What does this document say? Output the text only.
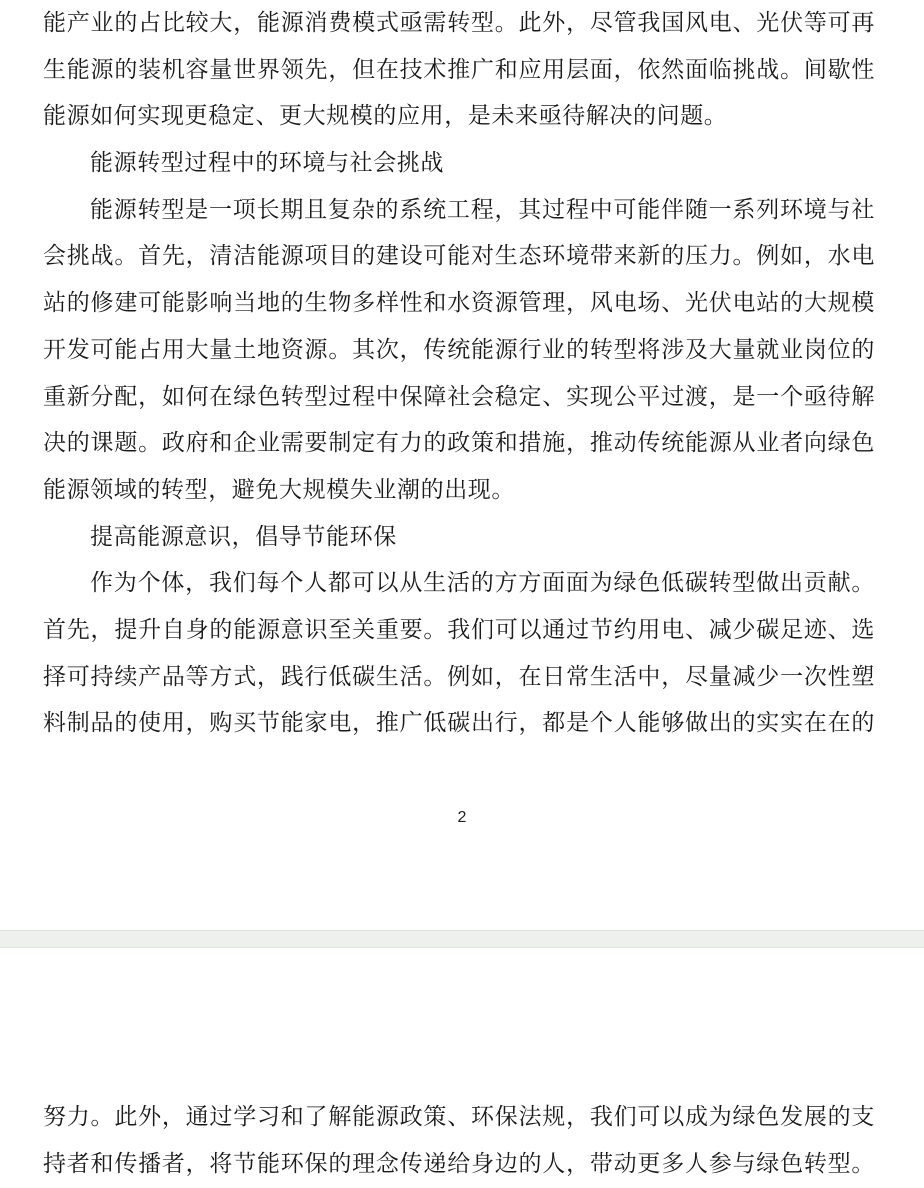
能产业的占比较大，能源消费模式亟需转型。此外，尽管我国风电、光伏等可再
生能源的装机容量世界领先，但在技术推广和应用层面，依然面临挑战。间歇性
能源如何实现更稳定、更大规模的应用，是未来亟待解决的问题。
能源转型过程中的环境与社会挑战
能源转型是一项长期且复杂的系统工程，其过程中可能伴随一系列环境与社
会挑战。首先，清洁能源项目的建设可能对生态环境带来新的压力。例如，水电
站的修建可能影响当地的生物多样性和水资源管理，风电场、光伏电站的大规模
开发可能占用大量土地资源。其次，传统能源行业的转型将涉及大量就业岗位的
重新分配，如何在绿色转型过程中保障社会稳定、实现公平过渡，是一个亟待解
决的课题。政府和企业需要制定有力的政策和措施，推动传统能源从业者向绿色
能源领域的转型，避免大规模失业潮的出现。
提高能源意识，倡导节能环保
作为个体，我们每个人都可以从生活的方方面面为绿色低碳转型做出贡献。
首先，提升自身的能源意识至关重要。我们可以通过节约用电、减少碳足迹、选
择可持续产品等方式，践行低碳生活。例如，在日常生活中，尽量减少一次性塑
料制品的使用，购买节能家电，推广低碳出行，都是个人能够做出的实实在在的
2
努力。此外，通过学习和了解能源政策、环保法规，我们可以成为绿色发展的支
持者和传播者，将节能环保的理念传递给身边的人，带动更多人参与绿色转型。
